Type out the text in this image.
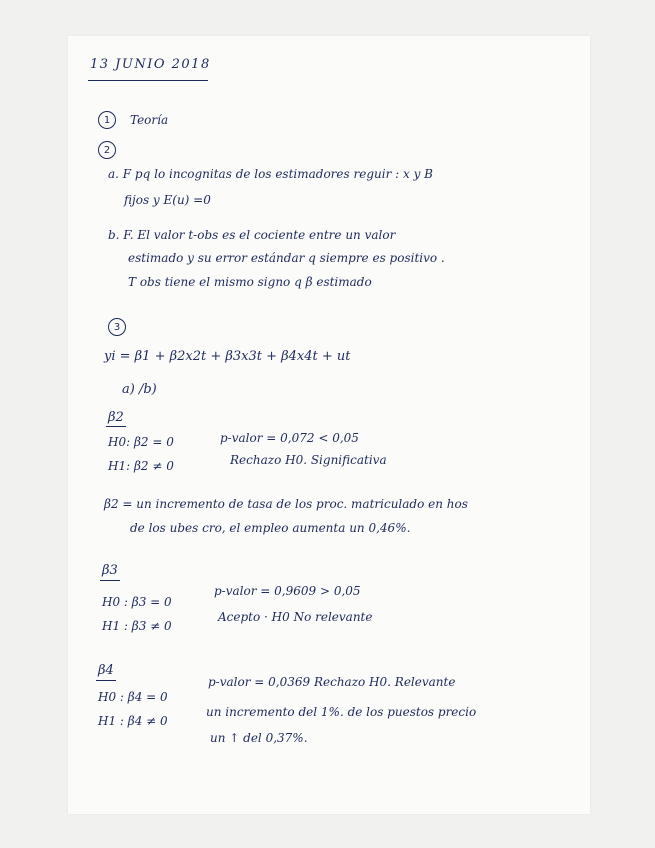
13 JUNIO 2018
1	Teoría
2
a. F pq lo incognitas de los estimadores reguir : x y B
fijos y E(u) =0
b. F. El valor t-obs es el cociente entre un valor
estimado y su error estándar q siempre es positivo .
T obs tiene el mismo signo q β estimado
3
yi = β1 + β2x2t + β3x3t + β4x4t + ut
a) /b)
β2
H0: β2 = 0
H1: β2 ≠ 0
p-valor = 0,072 < 0,05
Rechazo H0. Significativa
β2 = un incremento de tasa de los proc. matriculado en hos
de los ubes cro, el empleo aumenta un 0,46%.
β3
H0 : β3 = 0
H1 : β3 ≠ 0
p-valor = 0,9609 > 0,05
Acepto · H0 No relevante
β4
H0 : β4 = 0
H1 : β4 ≠ 0
p-valor = 0,0369 Rechazo H0. Relevante
un incremento del 1%. de los puestos precio
un ↑ del 0,37%.
